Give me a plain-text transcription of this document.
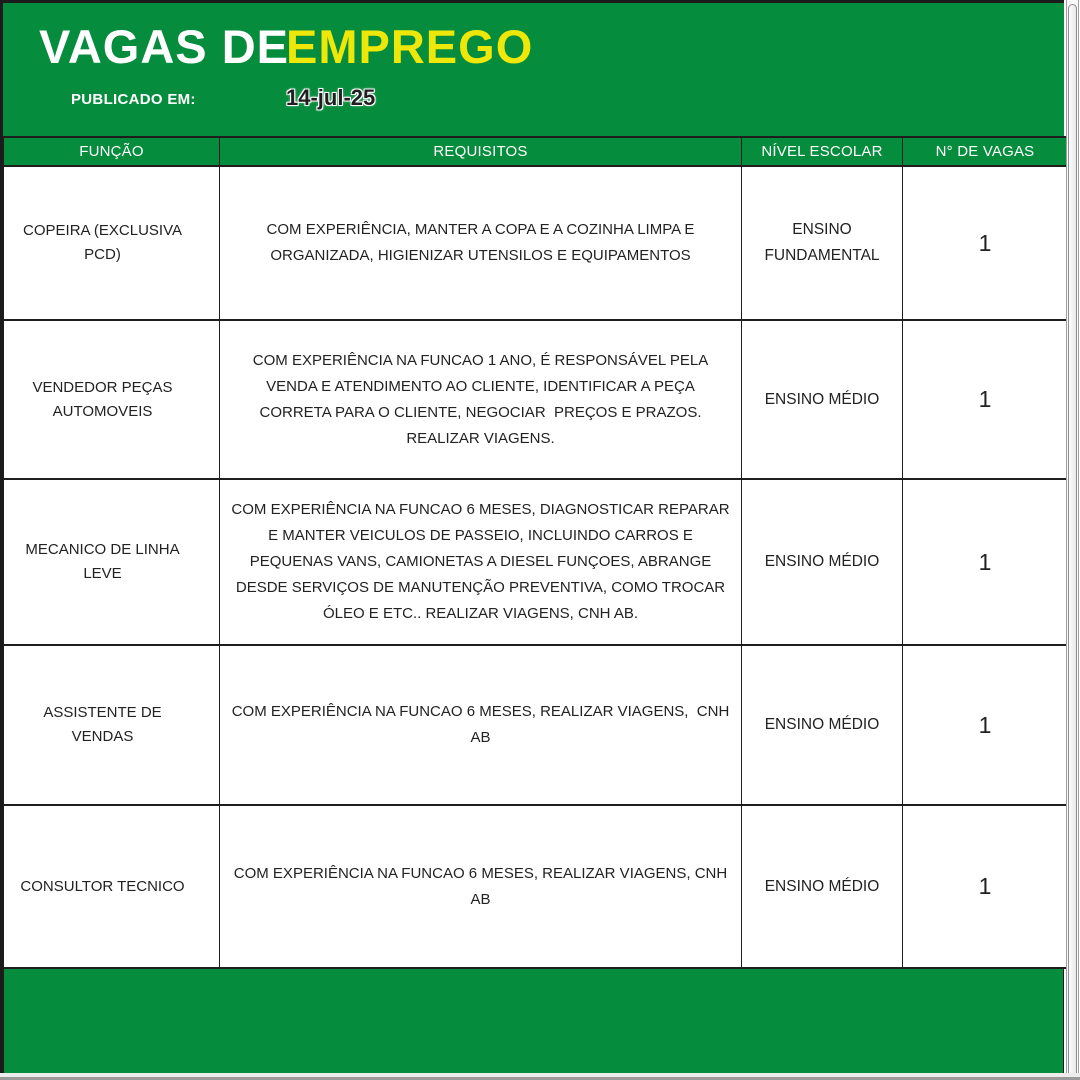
VAGAS DE
EMPREGO
PUBLICADO EM:	14-jul-25
FUNÇÃO	REQUISITOS	NÍVEL ESCOLAR	N° DE VAGAS
COPEIRA (EXCLUSIVA PCD)	COM EXPERIÊNCIA, MANTER A COPA E A COZINHA LIMPA E ORGANIZADA, HIGIENIZAR UTENSILOS E EQUIPAMENTOS	ENSINO FUNDAMENTAL	1
VENDEDOR PEÇAS AUTOMOVEIS	COM EXPERIÊNCIA NA FUNCAO 1 ANO, É RESPONSÁVEL PELA VENDA E ATENDIMENTO AO CLIENTE, IDENTIFICAR A PEÇA CORRETA PARA O CLIENTE, NEGOCIAR  PREÇOS E PRAZOS.   REALIZAR VIAGENS.	ENSINO MÉDIO	1
MECANICO DE LINHA LEVE	COM EXPERIÊNCIA NA FUNCAO 6 MESES, DIAGNOSTICAR REPARAR E MANTER VEICULOS DE PASSEIO, INCLUINDO CARROS E PEQUENAS VANS, CAMIONETAS A DIESEL FUNÇOES, ABRANGE DESDE SERVIÇOS DE MANUTENÇÃO PREVENTIVA, COMO TROCAR ÓLEO E ETC.. REALIZAR VIAGENS, CNH AB.	ENSINO MÉDIO	1
ASSISTENTE DE VENDAS	COM EXPERIÊNCIA NA FUNCAO 6 MESES, REALIZAR VIAGENS,  CNH AB	ENSINO MÉDIO	1
CONSULTOR TECNICO	COM EXPERIÊNCIA NA FUNCAO 6 MESES, REALIZAR VIAGENS, CNH AB	ENSINO MÉDIO	1
